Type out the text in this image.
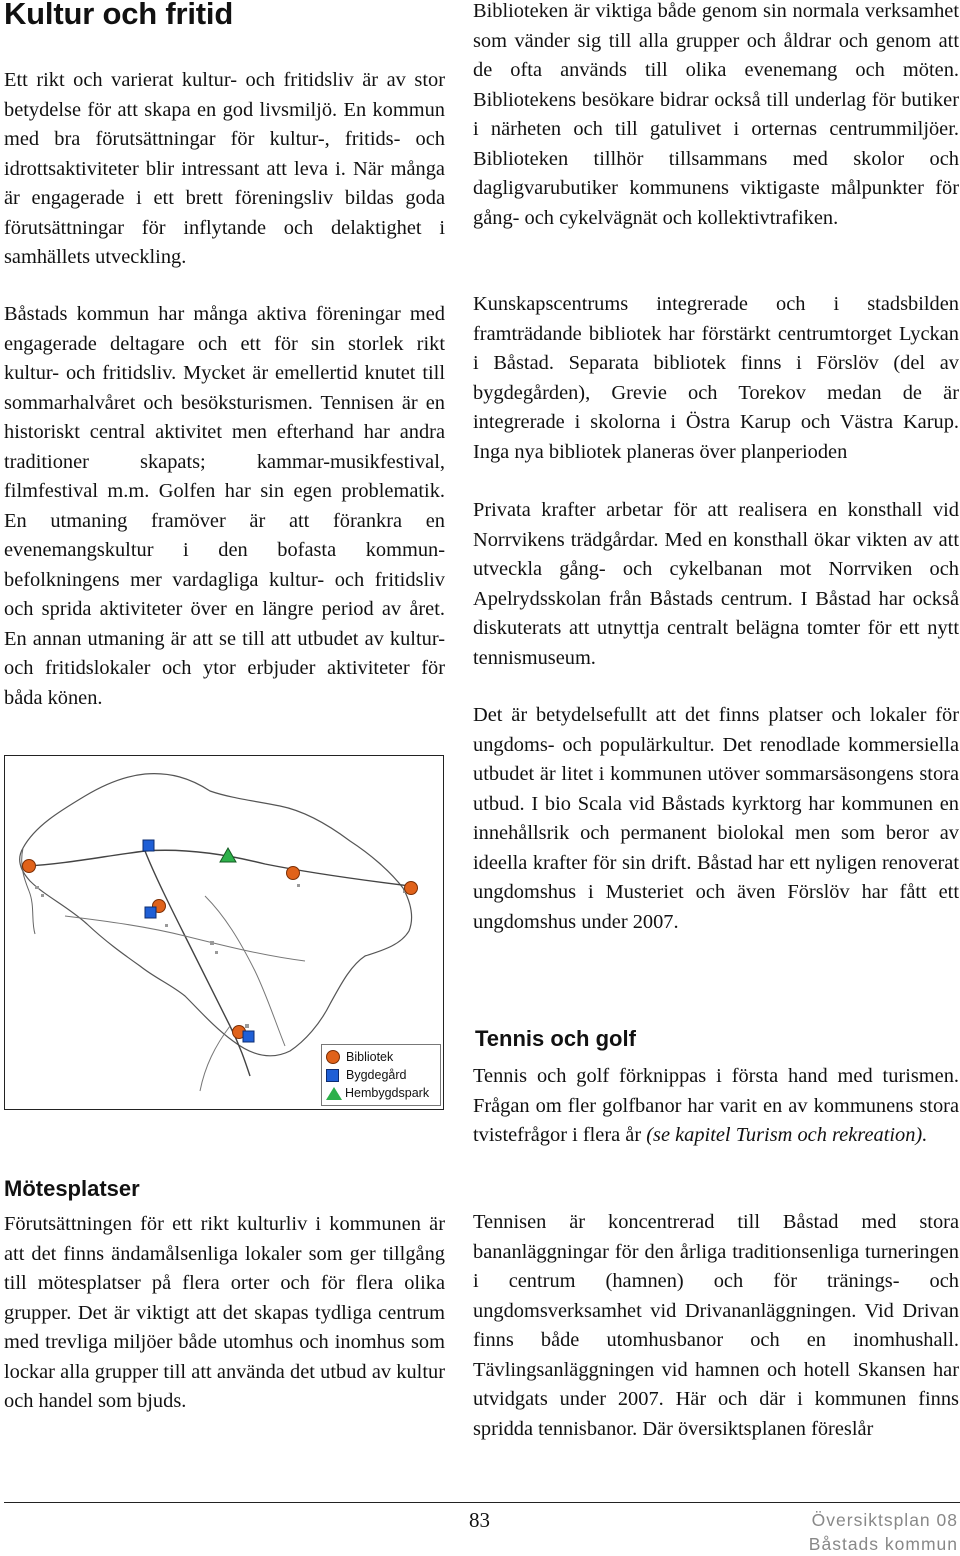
Kultur och fritid

Ett rikt och varierat kultur- och fritidsliv är av stor betydelse för att skapa en god livsmiljö. En kommun med bra förutsättningar för kultur-, fritids- och idrottsaktiviteter blir intressant att leva i. När många är engagerade i ett brett föreningsliv bildas goda förutsättningar för inflytande och delaktighet i samhällets utveckling.

Båstads kommun har många aktiva föreningar med engagerade deltagare och ett för sin storlek rikt kultur- och fritidsliv. Mycket är emellertid knutet till sommarhalvåret och besöksturismen. Tennisen är en historiskt central aktivitet men efterhand har andra traditioner skapats; kammar-musikfestival, filmfestival m.m. Golfen har sin egen problematik. En utmaning framöver är att förankra en evenemangskultur i den bofasta kommun-befolkningens mer vardagliga kultur- och fritidsliv och sprida aktiviteter över en längre period av året. En annan utmaning är att se till att utbudet av kultur- och fritidslokaler och ytor erbjuder aktiviteter för båda könen.

Bibliotek
Bygdegård
Hembygdspark
Mötesplatser

Förutsättningen för ett rikt kulturliv i kommunen är att det finns ändamålsenliga lokaler som ger tillgång till mötesplatser på flera orter och för flera olika grupper. Det är viktigt att det skapas tydliga centrum med trevliga miljöer både utomhus och inomhus som lockar alla grupper till att använda det utbud av kultur och handel som bjuds.

Biblioteken är viktiga både genom sin normala verksamhet som vänder sig till alla grupper och åldrar och genom att de ofta används till olika evenemang och möten. Bibliotekens besökare bidrar också till underlag för butiker i närheten och till gatulivet i orternas centrummiljöer. Biblioteken tillhör tillsammans med skolor och dagligvarubutiker kommunens viktigaste målpunkter för gång- och cykelvägnät och kollektivtrafiken.

Kunskapscentrums integrerade och i stadsbilden framträdande bibliotek har förstärkt centrumtorget Lyckan i Båstad. Separata bibliotek finns i Förslöv (del av bygdegården), Grevie och Torekov medan de är integrerade i skolorna i Östra Karup och Västra Karup. Inga nya bibliotek planeras över planperioden

Privata krafter arbetar för att realisera en konsthall vid Norrvikens trädgårdar. Med en konsthall ökar vikten av att utveckla gång- och cykelbanan mot Norrviken och Apelrydsskolan från Båstads centrum. I Båstad har också diskuterats att utnyttja centralt belägna tomter för ett nytt tennismuseum.

Det är betydelsefullt att det finns platser och lokaler för ungdoms- och populärkultur. Det renodlade kommersiella utbudet är litet i kommunen utöver sommarsäsongens stora utbud. I bio Scala vid Båstads kyrktorg har kommunen en innehållsrik och permanent biolokal men som beror av ideella krafter för sin drift. Båstad har ett nyligen renoverat ungdomshus i Musteriet och även Förslöv har fått ett ungdomshus under 2007.

Tennis och golf

Tennis och golf förknippas i första hand med turismen. Frågan om fler golfbanor har varit en av kommunens stora tvistefrågor i flera år (se kapitel Turism och rekreation).

Tennisen är koncentrerad till Båstad med stora bananläggningar för den årliga traditionsenliga turneringen i centrum (hamnen) och för tränings- och ungdomsverksamhet vid Drivananläggningen. Vid Drivan finns både utomhusbanor och en inomhushall. Tävlingsanläggningen vid hamnen och hotell Skansen har utvidgats under 2007. Här och där i kommunen finns spridda tennisbanor. Där översiktsplanen föreslår

83	Översiktsplan 08
Båstads kommun
